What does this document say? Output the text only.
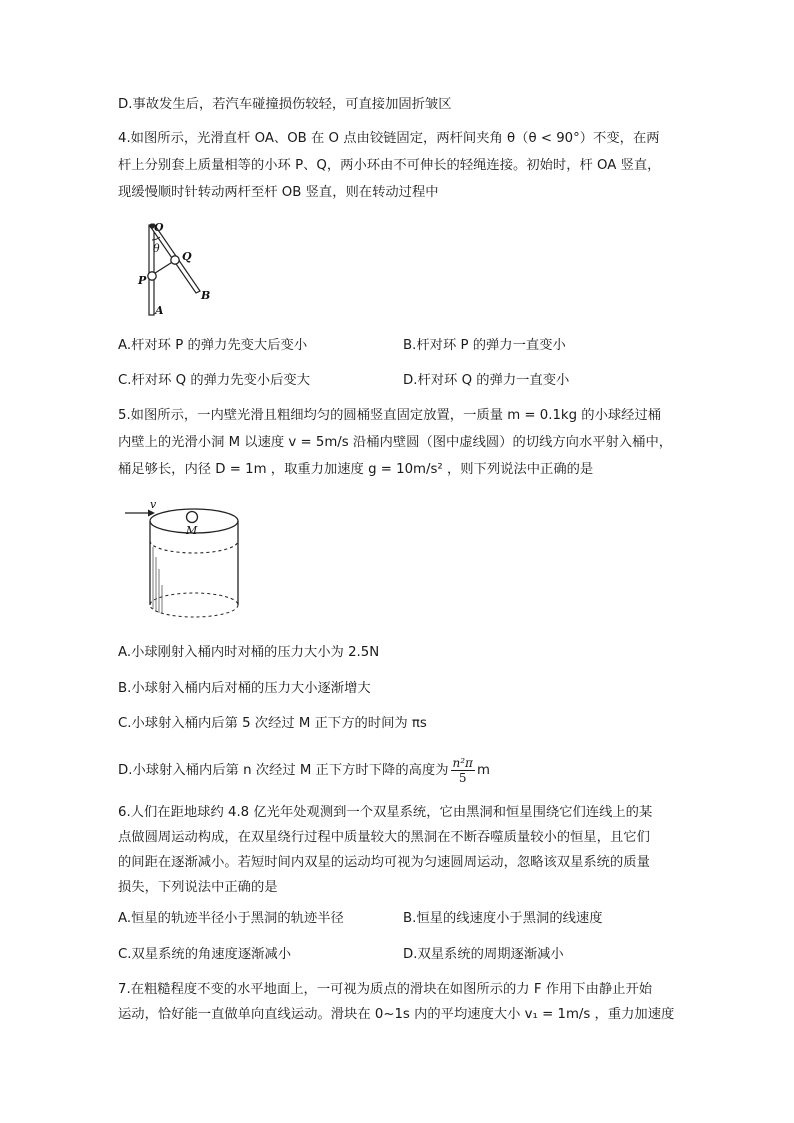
D.事故发生后，若汽车碰撞损伤较轻，可直接加固折皱区
4.如图所示，光滑直杆 OA、OB 在 O 点由铰链固定，两杆间夹角 θ（θ < 90°）不变，在两
杆上分别套上质量相等的小环 P、Q，两小环由不可伸长的轻绳连接。初始时，杆 OA 竖直，
现缓慢顺时针转动两杆至杆 OB 竖直，则在转动过程中
O
θ
P
Q
B
A
A.杆对环 P 的弹力先变大后变小	B.杆对环 P 的弹力一直变小
C.杆对环 Q 的弹力先变小后变大	D.杆对环 Q 的弹力一直变小
5.如图所示，一内壁光滑且粗细均匀的圆桶竖直固定放置，一质量 m = 0.1kg 的小球经过桶
内壁上的光滑小洞 M 以速度 v = 5m/s 沿桶内壁圆（图中虚线圆）的切线方向水平射入桶中，
桶足够长，内径 D = 1m ，取重力加速度 g = 10m/s² ，则下列说法中正确的是
v
M
A.小球刚射入桶内时对桶的压力大小为 2.5N
B.小球射入桶内后对桶的压力大小逐渐增大
C.小球射入桶内后第 5 次经过 M 正下方的时间为 πs
D.小球射入桶内后第 n 次经过 M 正下方时下降的高度为 $\frac{\text{n²π}}{5}$ m
6.人们在距地球约 4.8 亿光年处观测到一个双星系统，它由黑洞和恒星围绕它们连线上的某
点做圆周运动构成，在双星绕行过程中质量较大的黑洞在不断吞噬质量较小的恒星，且它们
的间距在逐渐减小。若短时间内双星的运动均可视为匀速圆周运动，忽略该双星系统的质量
损失，下列说法中正确的是
A.恒星的轨迹半径小于黑洞的轨迹半径	B.恒星的线速度小于黑洞的线速度
C.双星系统的角速度逐渐减小	D.双星系统的周期逐渐减小
7.在粗糙程度不变的水平地面上，一可视为质点的滑块在如图所示的力 F 作用下由静止开始
运动，恰好能一直做单向直线运动。滑块在 0~1s 内的平均速度大小 v₁ = 1m/s ，重力加速度
